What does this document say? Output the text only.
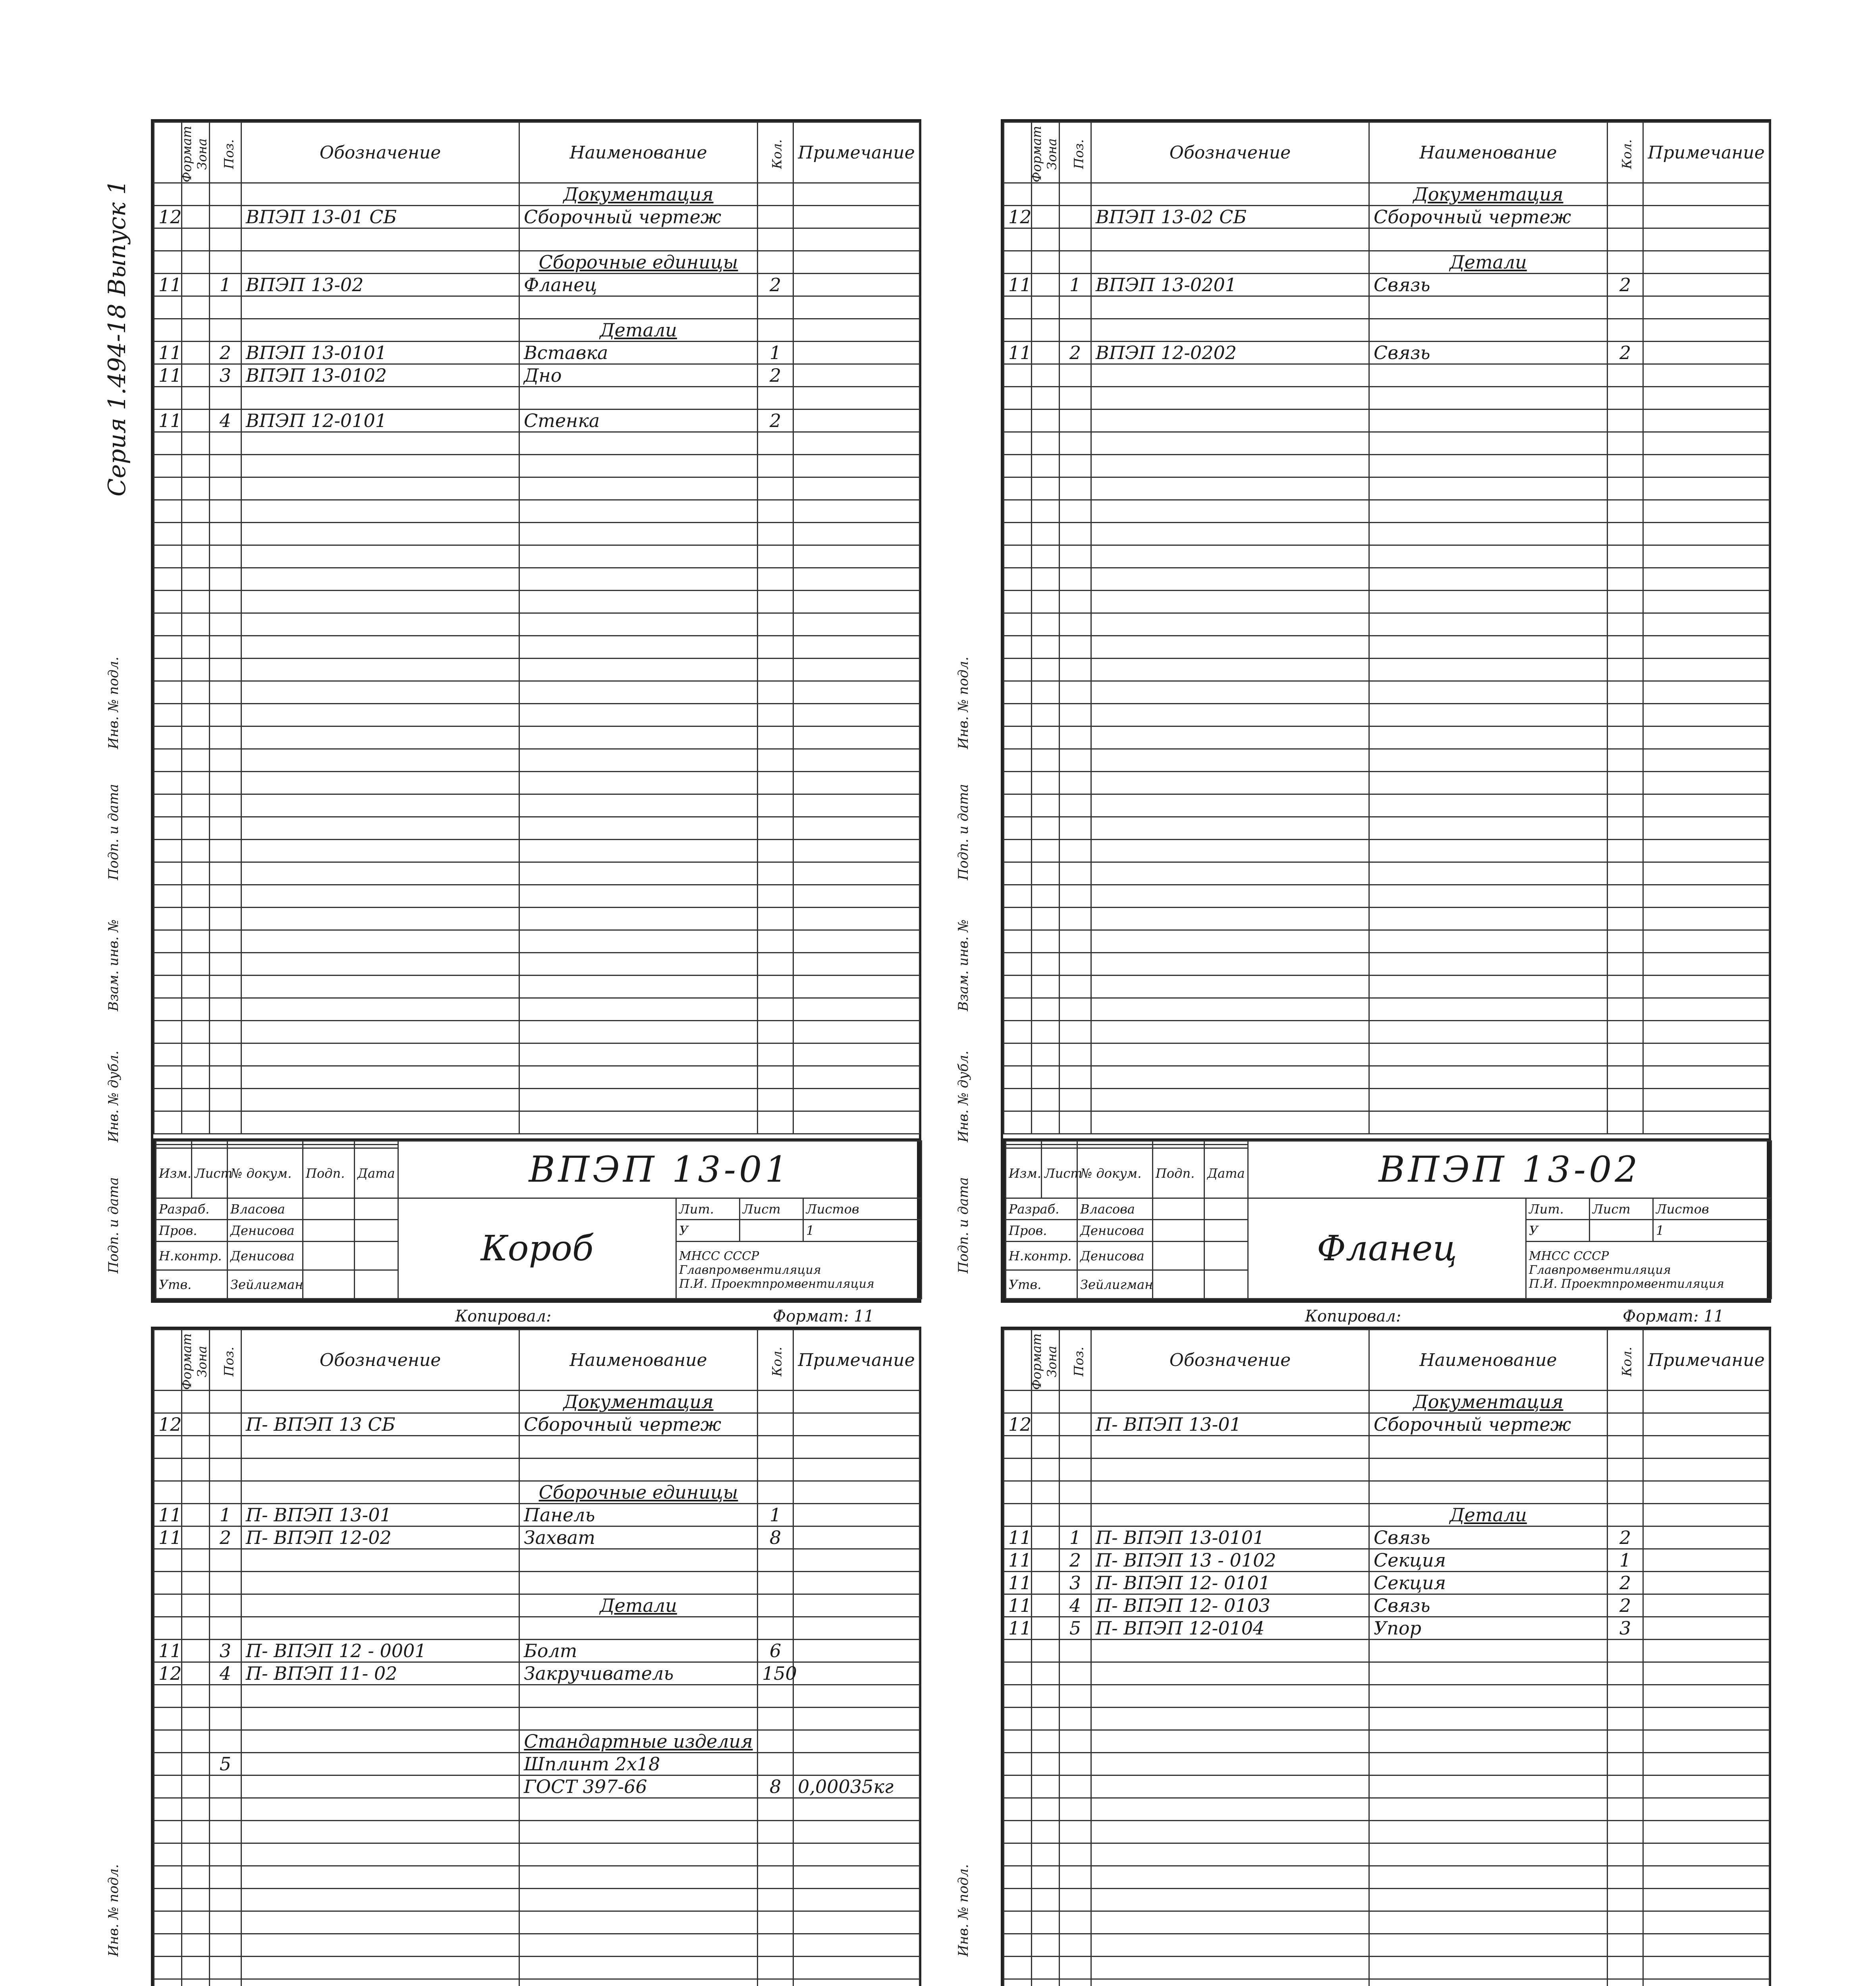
Серия 1.494-18 Выпуск 1
Формат	Зона	Поз.	Обозначение	Наименование	Кол.	Примечание
				Документация		
12			ВПЭП 13-01 СБ	Сборочный чертеж		

				Сборочные единицы		
11		1	ВПЭП 13-02	Фланец	2	

				Детали		
11		2	ВПЭП 13-0101	Вставка	1	
11		3	ВПЭП 13-0102	Дно	2	

11		4	ВПЭП 12-0101	Стенка	2	

Подп. и дата
Инв. № дубл.
Взам. инв. №
Подп. и дата
Инв. № подл.
					ВПЭП 13-01			

Изм.	Лист	№ докум.	Подп.	Дата				
Разраб.		Власова			Короб	Лит.	Лист	Листов
Пров.		Денисова				У		1
Н.контр.		Денисова				МНСС СССР
Главпромвентиляция
П.И. Проектпромвентиляция		

Утв.		Зейлигман						
Копировал:	Формат: 11
Формат	Зона	Поз.	Обозначение	Наименование	Кол.	Примечание
				Документация		
12			ВПЭП 13-02 СБ	Сборочный чертеж		

				Детали		
11		1	ВПЭП 13-0201	Связь	2	

11		2	ВПЭП 12-0202	Связь	2	

Подп. и дата
Инв. № дубл.
Взам. инв. №
Подп. и дата
Инв. № подл.
					ВПЭП 13-02			

Изм.	Лист	№ докум.	Подп.	Дата				
Разраб.		Власова			Фланец	Лит.	Лист	Листов
Пров.		Денисова				У		1
Н.контр.		Денисова				МНСС СССР
Главпромвентиляция
П.И. Проектпромвентиляция		

Утв.		Зейлигман						
Копировал:	Формат: 11
Формат	Зона	Поз.	Обозначение	Наименование	Кол.	Примечание
				Документация		
12			П- ВПЭП 13 СБ	Сборочный чертеж		

				Сборочные единицы		
11		1	П- ВПЭП 13-01	Панель	1	
11		2	П- ВПЭП 12-02	Захват	8	

				Детали		

11		3	П- ВПЭП 12 - 0001	Болт	6	
12		4	П- ВПЭП 11- 02	Закручиватель	150	

				Стандартные изделия		
		5		Шплинт 2х18		
				ГОСТ 397-66	8	0,00035кг

Инв. № подл.

Формат	Зона	Поз.	Обозначение	Наименование	Кол.	Примечание
				Документация		
12			П- ВПЭП 13-01	Сборочный чертеж		

				Детали		
11		1	П- ВПЭП 13-0101	Связь	2	
11		2	П- ВПЭП 13 - 0102	Секция	1	
11		3	П- ВПЭП 12- 0101	Секция	2	
11		4	П- ВПЭП 12- 0103	Связь	2	
11		5	П- ВПЭП 12-0104	Упор	3	

Инв. № подл.
